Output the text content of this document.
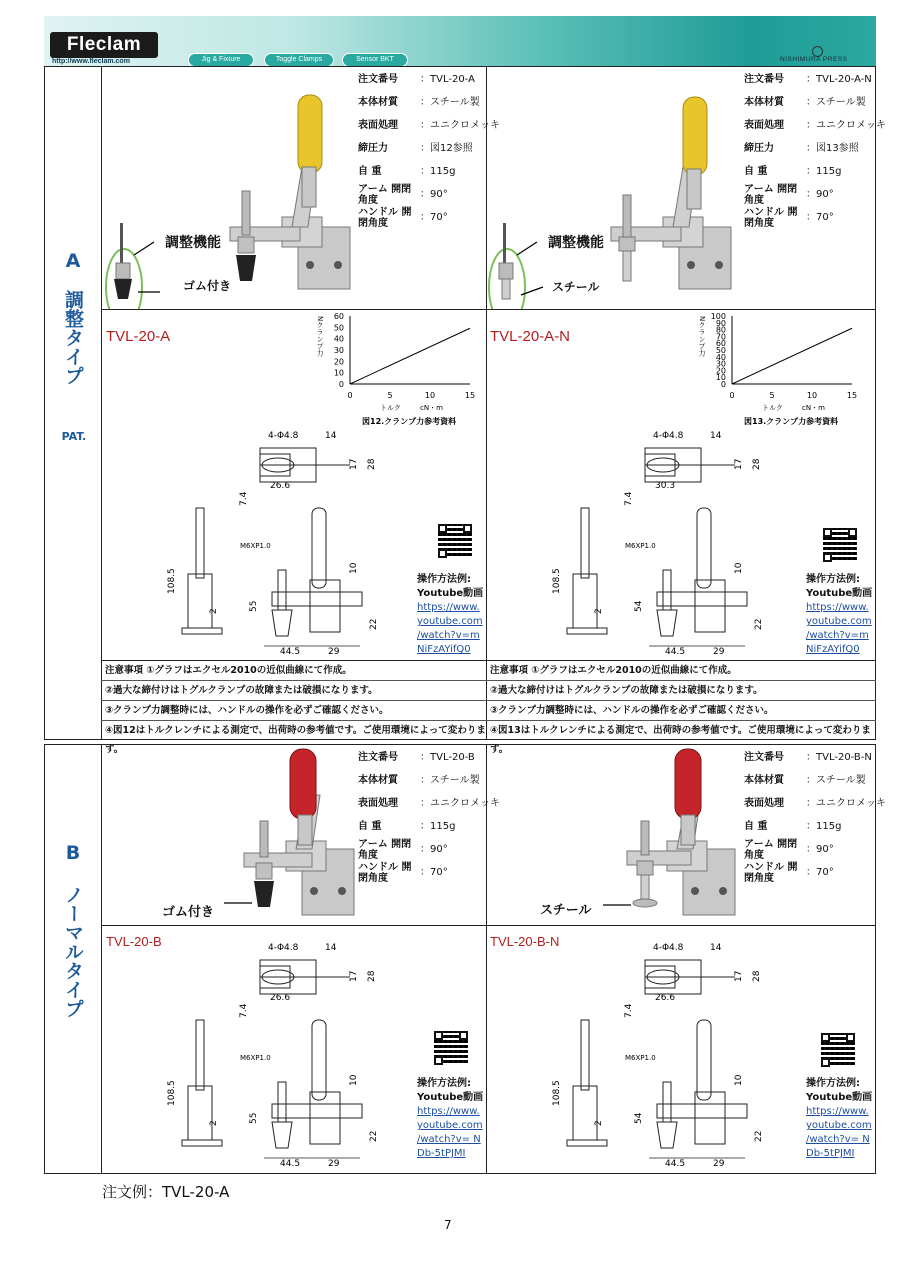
Fleclam
http://www.fleclam.com	Jig & Fixture	Toggle Clamps	Sensor BKT	NISHIMURA PRESS
A
調整タイプ
PAT.
B
ノーマルタイプ
注文番号	：TVL-20-A
本体材質	：スチール製
表面処理	：ユニクロメッキ
締圧力	：図12参照
自 重	：115g
アーム 開閉角度	：90°
ハンドル 開閉角度	：70°
注文番号	：TVL-20-A-N
本体材質	：スチール製
表面処理	：ユニクロメッキ
締圧力	：図13参照
自 重	：115g
アーム 開閉角度	：90°
ハンドル 開閉角度	：70°
注文番号	：TVL-20-B
本体材質	：スチール製
表面処理	：ユニクロメッキ
自 重	：115g
アーム 開閉角度	：90°
ハンドル 開閉角度	：70°
注文番号	：TVL-20-B-N
本体材質	：スチール製
表面処理	：ユニクロメッキ
自 重	：115g
アーム 開閉角度	：90°
ハンドル 開閉角度	：70°
調整機能
ゴム付き
調整機能
スチール
ゴム付き	スチール
TVL-20-A	TVL-20-A-N
TVL-20-B	TVL-20-B-N
60
50
40
30
20
10
0
0	5	10	15
Nクランプ力
トルク	cN・m
図12.クランプ力参考資料
100
90
80
70
60
50
40
30
20
10
0
0	5	10	15
Nクランプ力
トルク	cN・m
図13.クランプ力参考資料
4-Φ4.8	14
17 28
26.6
7.4
108.5
2
M6XP1.0
55
10
22
44.5	29
4-Φ4.8	14
17 28
30.3
7.4
108.5
2
M6XP1.0
54
10
22
44.5	29
4-Φ4.8	14
17 28
26.6
7.4
108.5
2
M6XP1.0
55
10
22
44.5	29
4-Φ4.8	14
17 28
26.6
7.4
108.5
2
M6XP1.0
54
10
22
44.5	29
操作方法例:
Youtube動画
https://www.
youtube.com
/watch?v=m
NiFzAYifQ0
操作方法例:
Youtube動画
https://www.
youtube.com
/watch?v=m
NiFzAYifQ0
操作方法例:
Youtube動画
https://www.
youtube.com
/watch?v= N
Db-5tPJMI
操作方法例:
Youtube動画
https://www.
youtube.com
/watch?v= N
Db-5tPJMI
注意事項 ①グラフはエクセル2010の近似曲線にて作成。
②過大な締付けはトグルクランプの故障または破損になります。
③クランプ力調整時には、ハンドルの操作を必ずご確認ください。
④図12はトルクレンチによる測定で、出荷時の参考値です。ご使用環境によって変わります。
注意事項 ①グラフはエクセル2010の近似曲線にて作成。
②過大な締付けはトグルクランプの故障または破損になります。
③クランプ力調整時には、ハンドルの操作を必ずご確認ください。
④図13はトルクレンチによる測定で、出荷時の参考値です。ご使用環境によって変わります。
注文例：TVL-20-A
7
